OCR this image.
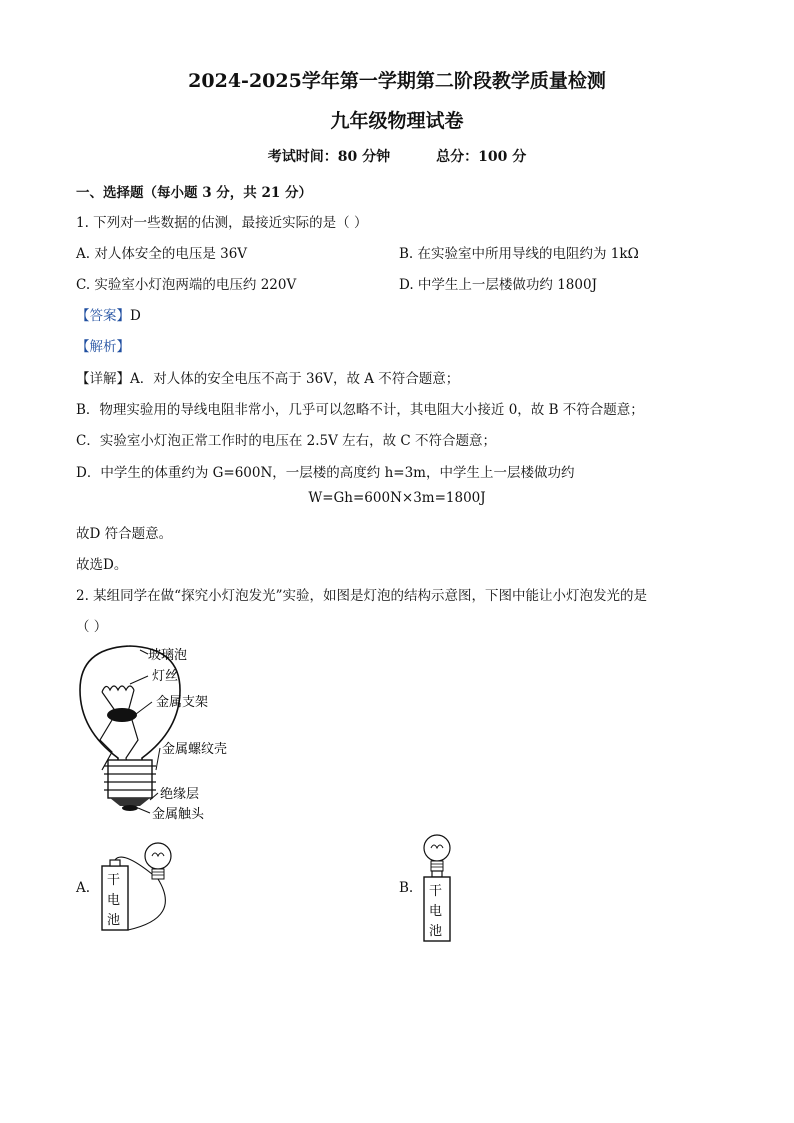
2024-2025学年第一学期第二阶段教学质量检测
九年级物理试卷
考试时间：80 分钟	总分：100 分
一、选择题（每小题 3 分，共 21 分）
1. 下列对一些数据的估测，最接近实际的是（ ）
A. 对人体安全的电压是 36V	B. 在实验室中所用导线的电阻约为 1kΩ
C. 实验室小灯泡两端的电压约 220V	D. 中学生上一层楼做功约 1800J
【答案】D
【解析】
【详解】A．对人体的安全电压不高于 36V，故 A 不符合题意；
B．物理实验用的导线电阻非常小，几乎可以忽略不计，其电阻大小接近 0，故 B 不符合题意；
C．实验室小灯泡正常工作时的电压在 2.5V 左右，故 C 不符合题意；
D．中学生的体重约为 G=600N，一层楼的高度约 h=3m，中学生上一层楼做功约
W=Gh=600N×3m=1800J
故D 符合题意。
故选D。
2. 某组同学在做“探究小灯泡发光”实验，如图是灯泡的结构示意图，下图中能让小灯泡发光的是
（ ）
玻璃泡
灯丝
金属支架
金属螺纹壳
绝缘层
金属触头
A. 干
电
池
B. 干
电
池
